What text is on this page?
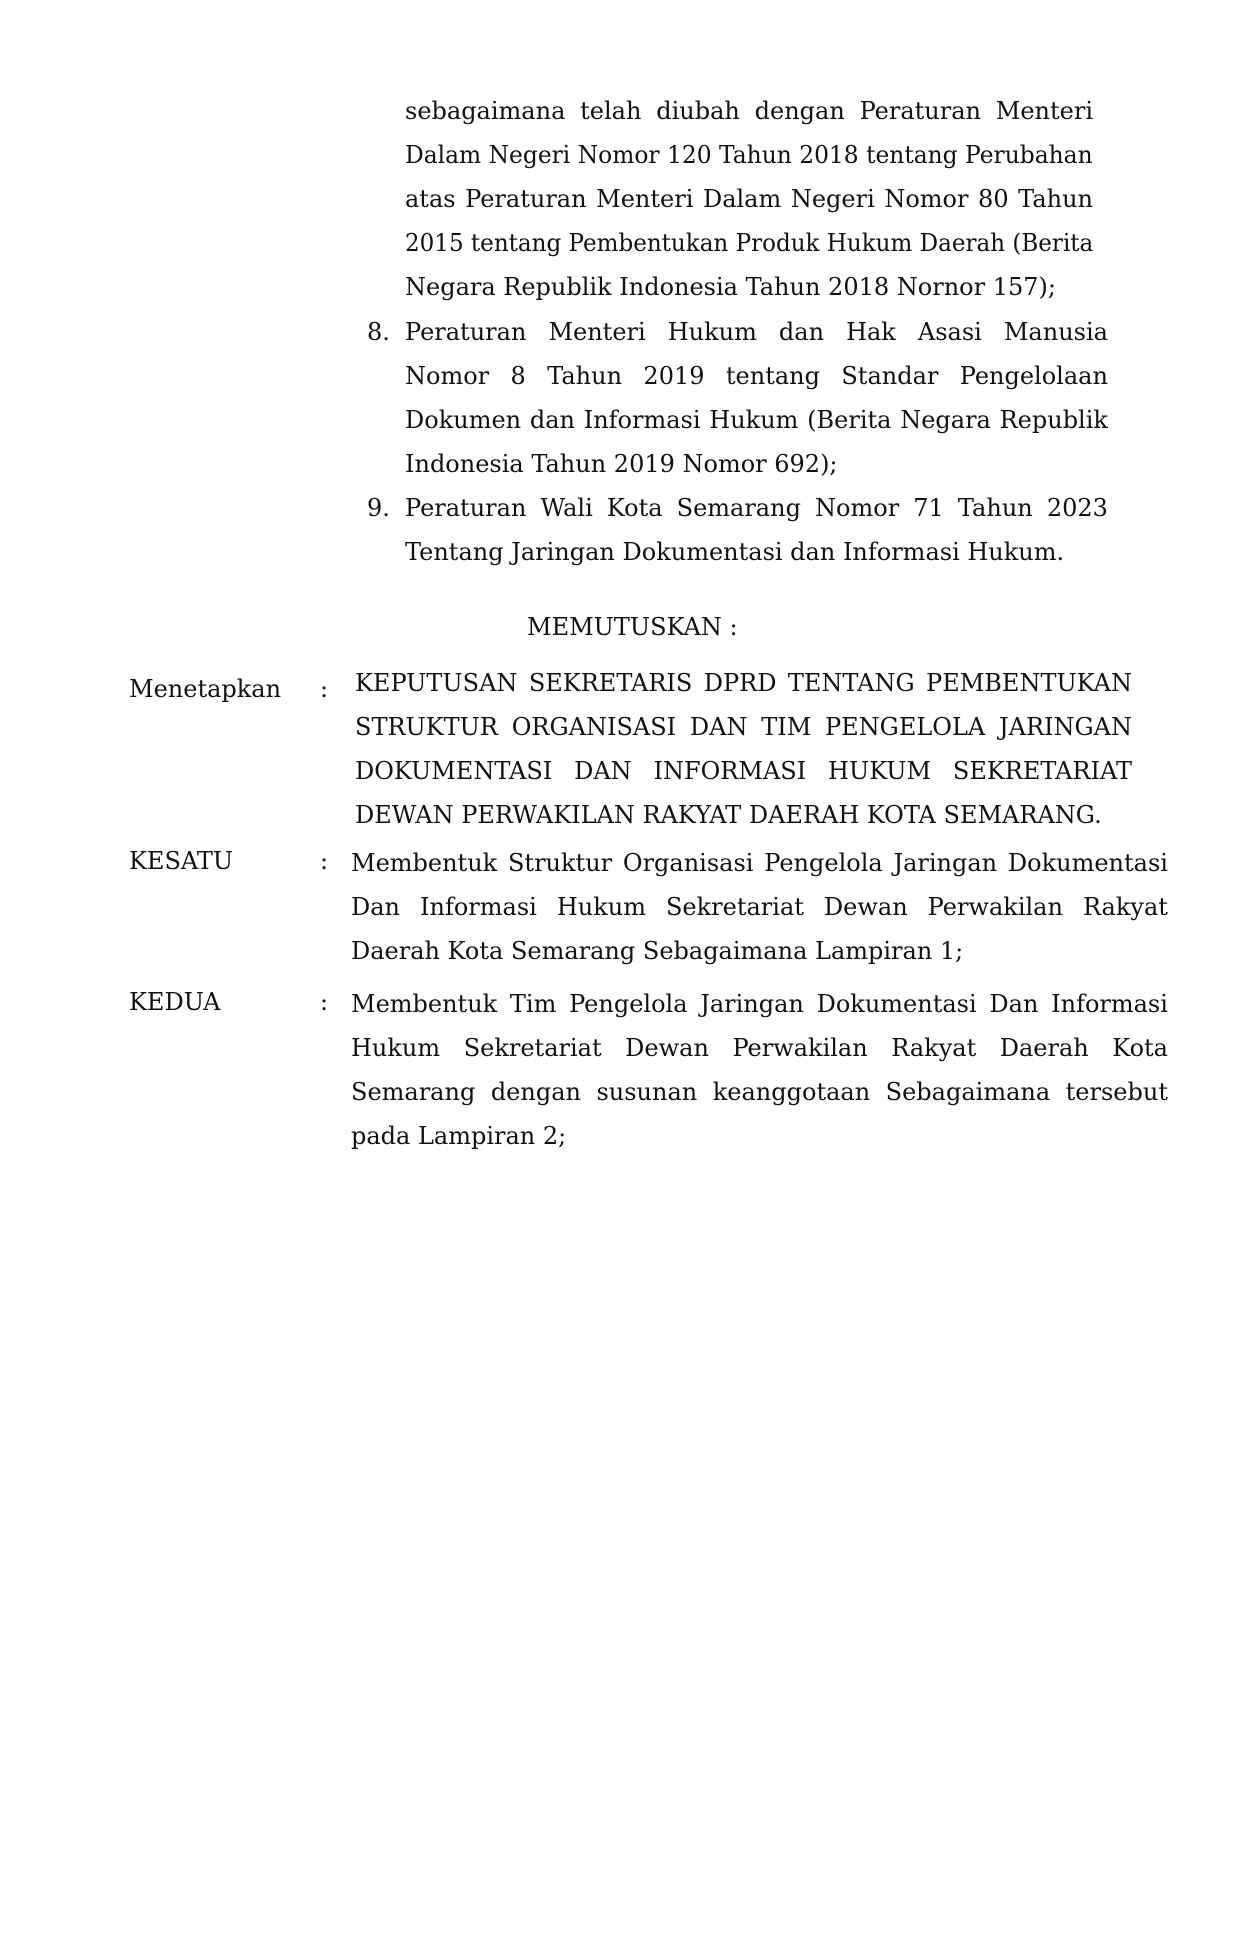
sebagaimana telah diubah dengan Peraturan Menteri
Dalam Negeri Nomor 120 Tahun 2018 tentang Perubahan
atas Peraturan Menteri Dalam Negeri Nomor 80 Tahun
2015 tentang Pembentukan Produk Hukum Daerah (Berita
Negara Republik Indonesia Tahun 2018 Nornor 157);
8. Peraturan Menteri Hukum dan Hak Asasi Manusia
Nomor 8 Tahun 2019 tentang Standar Pengelolaan
Dokumen dan Informasi Hukum (Berita Negara Republik
Indonesia Tahun 2019 Nomor 692);
9. Peraturan Wali Kota Semarang Nomor 71 Tahun 2023
Tentang Jaringan Dokumentasi dan Informasi Hukum.
MEMUTUSKAN :
Menetapkan : KEPUTUSAN SEKRETARIS DPRD TENTANG PEMBENTUKAN
STRUKTUR ORGANISASI DAN TIM PENGELOLA JARINGAN
DOKUMENTASI DAN INFORMASI HUKUM SEKRETARIAT
DEWAN PERWAKILAN RAKYAT DAERAH KOTA SEMARANG.
KESATU	: Membentuk Struktur Organisasi Pengelola Jaringan Dokumentasi
Dan Informasi Hukum Sekretariat Dewan Perwakilan Rakyat
Daerah Kota Semarang Sebagaimana Lampiran 1;
KEDUA	: Membentuk Tim Pengelola Jaringan Dokumentasi Dan Informasi
Hukum Sekretariat Dewan Perwakilan Rakyat Daerah Kota
Semarang dengan susunan keanggotaan Sebagaimana tersebut
pada Lampiran 2;
